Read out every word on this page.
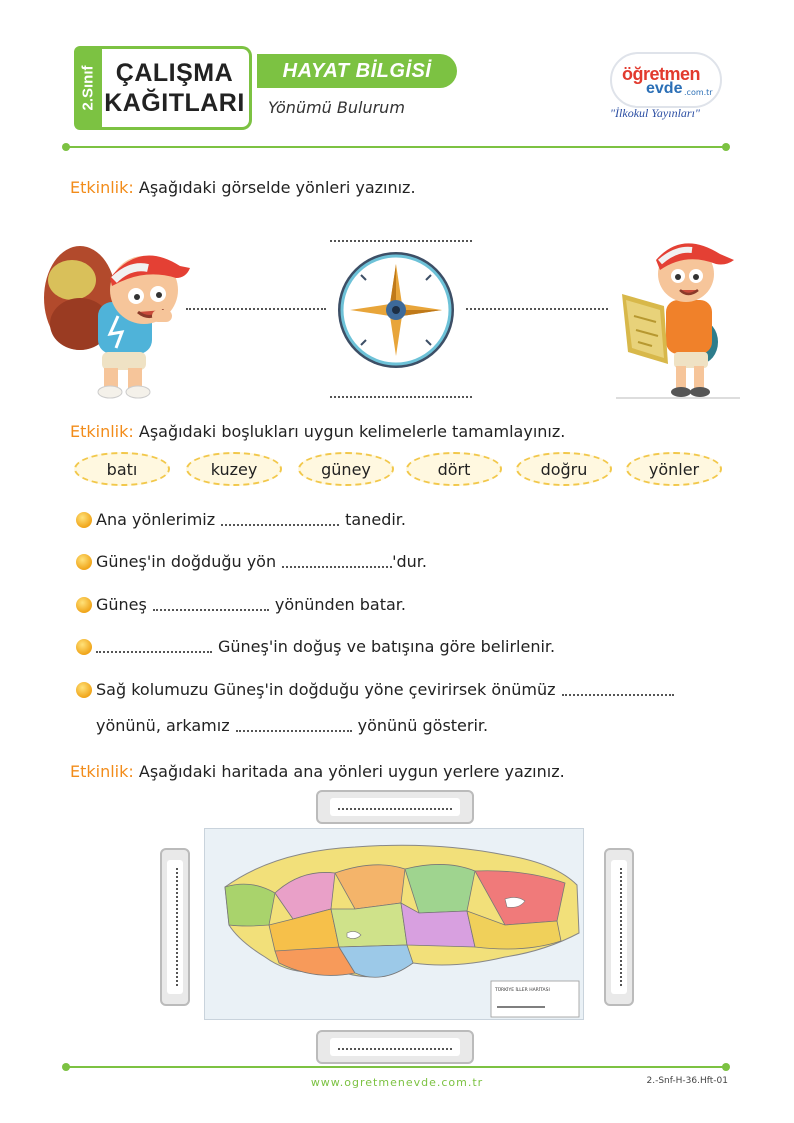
2.Sınıf ÇALIŞMA
KAĞITLARI
HAYAT BİLGİSİ
Yönümü Bulurum
öğretmen
evde .com.tr
"İlkokul Yayınları"
Etkinlik: Aşağıdaki görselde yönleri yazınız.
Etkinlik: Aşağıdaki boşlukları uygun kelimelerle tamamlayınız.
batı	kuzey	güney	dört	doğru	yönler
Ana yönlerimiz	tanedir.
Güneş'in doğduğu yön	'dur.
Güneş	yönünden batar.
Güneş'in doğuş ve batışına göre belirlenir.
Sağ kolumuzu Güneş'in doğduğu yöne çevirirsek önümüz
yönünü, arkamız	yönünü gösterir.
Etkinlik: Aşağıdaki haritada ana yönleri uygun yerlere yazınız.
TÜRKİYE İLLER HARİTASI
www.ogretmenevde.com.tr	2.-Snf-H-36.Hft-01
